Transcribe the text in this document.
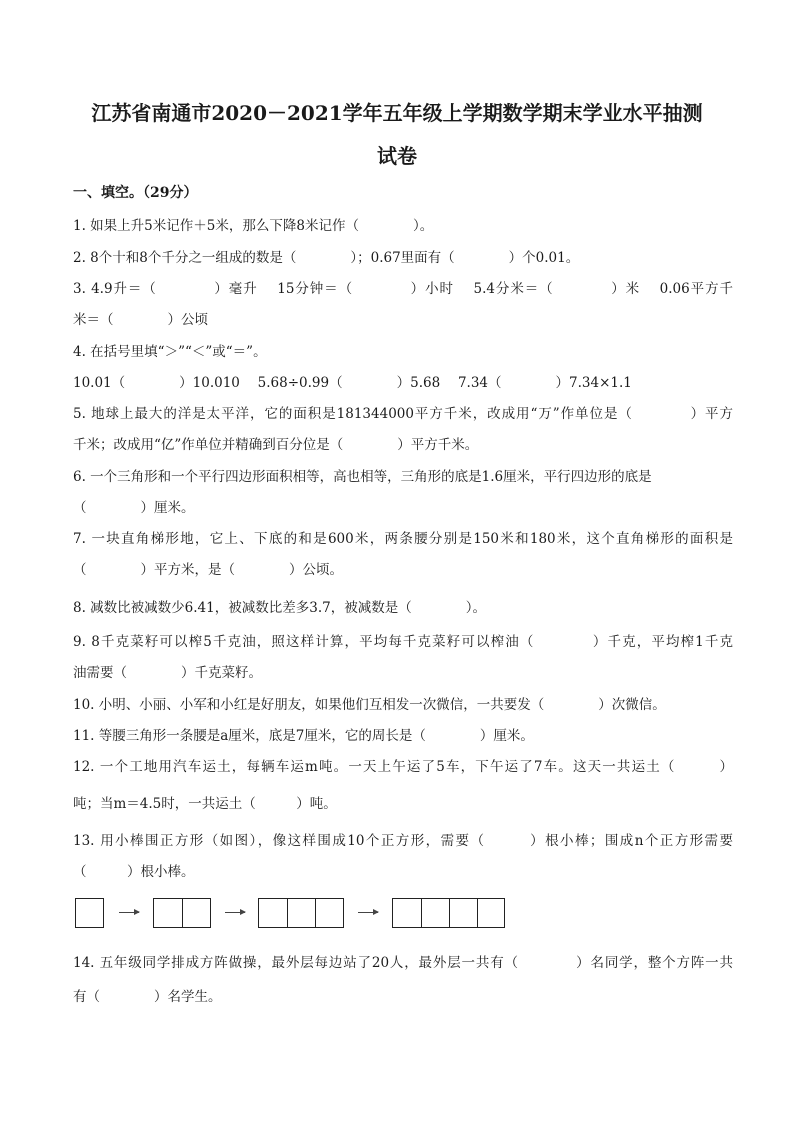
江苏省南通市2020－2021学年五年级上学期数学期末学业水平抽测
试卷
一、填空。（29分）
1. 如果上升5米记作＋5米，那么下降8米记作（　　　　）。
2. 8个十和8个千分之一组成的数是（　　　　）；0.67里面有（　　　　）个0.01。
3. 4.9升＝（　　　　）毫升　 15分钟＝（　　　　）小时　 5.4分米＝（　　　　）米　 0.06平方千
米＝（　　　　）公顷
4. 在括号里填“＞”“＜”或“＝”。
10.01（　　　　）10.010　 5.68÷0.99（　　　　）5.68　 7.34（　　　　）7.34×1.1
5. 地球上最大的洋是太平洋，它的面积是181344000平方千米，改成用“万”作单位是（　　　　）平方
千米；改成用“亿”作单位并精确到百分位是（　　　　）平方千米。
6. 一个三角形和一个平行四边形面积相等，高也相等，三角形的底是1.6厘米，平行四边形的底是
（　　　　）厘米。
7. 一块直角梯形地，它上、下底的和是600米，两条腰分别是150米和180米，这个直角梯形的面积是
（　　　　）平方米，是（　　　　）公顷。
8. 减数比被减数少6.41，被减数比差多3.7，被减数是（　　　　）。
9. 8千克菜籽可以榨5千克油，照这样计算，平均每千克菜籽可以榨油（　　　　）千克，平均榨1千克
油需要（　　　　）千克菜籽。
10. 小明、小丽、小军和小红是好朋友，如果他们互相发一次微信，一共要发（　　　　）次微信。
11. 等腰三角形一条腰是a厘米，底是7厘米，它的周长是（　　　　）厘米。
12. 一个工地用汽车运土，每辆车运m吨。一天上午运了5车，下午运了7车。这天一共运土（　　　）
吨；当m＝4.5时，一共运土（　　　）吨。
13. 用小棒围正方形（如图），像这样围成10个正方形，需要（　　　）根小棒；围成n个正方形需要
（　　　）根小棒。
14. 五年级同学排成方阵做操，最外层每边站了20人，最外层一共有（　　　　）名同学，整个方阵一共
有（　　　　）名学生。
